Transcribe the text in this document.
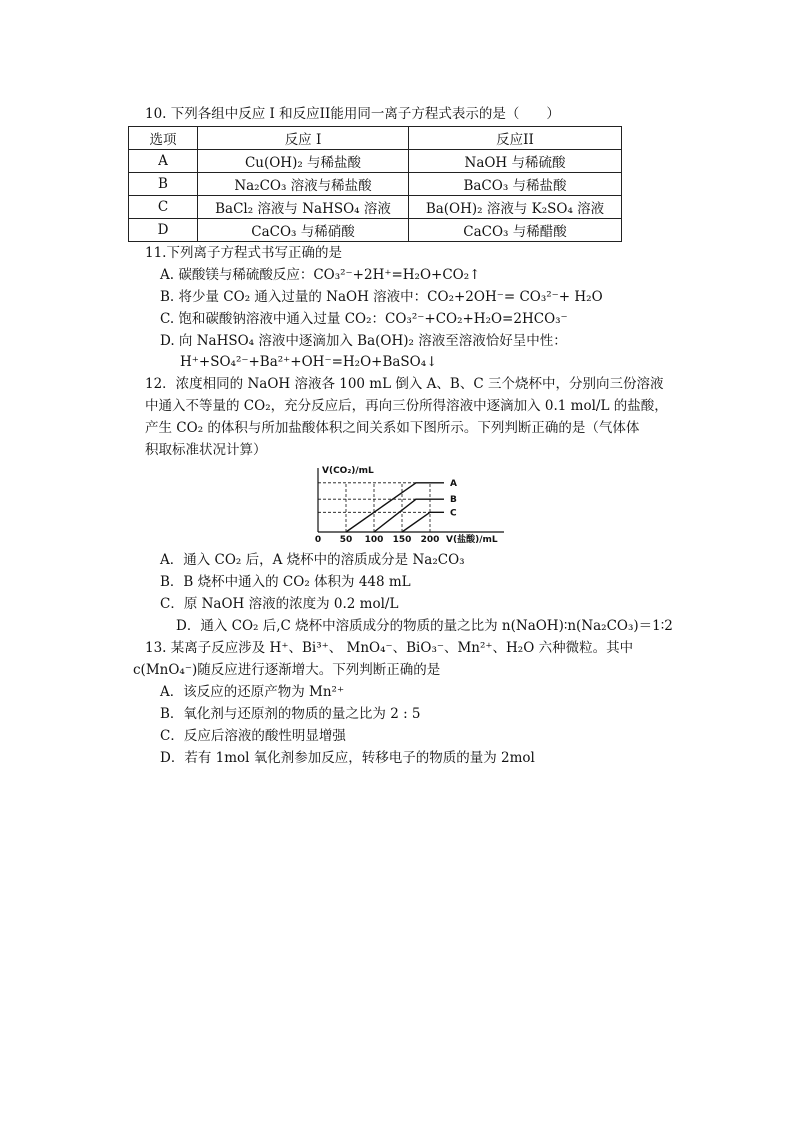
10. 下列各组中反应 I 和反应II能用同一离子方程式表示的是（　　）
选项	反应 I	反应II
A	Cu(OH)₂ 与稀盐酸	NaOH 与稀硫酸
B	Na₂CO₃ 溶液与稀盐酸	BaCO₃ 与稀盐酸
C	BaCl₂ 溶液与 NaHSO₄ 溶液	Ba(OH)₂ 溶液与 K₂SO₄ 溶液
D	CaCO₃ 与稀硝酸	CaCO₃ 与稀醋酸
11.下列离子方程式书写正确的是
A. 碳酸镁与稀硫酸反应：CO₃²⁻+2H⁺=H₂O+CO₂↑
B. 将少量 CO₂ 通入过量的 NaOH 溶液中：CO₂+2OH⁻= CO₃²⁻+ H₂O
C. 饱和碳酸钠溶液中通入过量 CO₂：CO₃²⁻+CO₂+H₂O=2HCO₃⁻
D. 向 NaHSO₄ 溶液中逐滴加入 Ba(OH)₂ 溶液至溶液恰好呈中性：
H⁺+SO₄²⁻+Ba²⁺+OH⁻=H₂O+BaSO₄↓
12．浓度相同的 NaOH 溶液各 100 mL 倒入 A、B、C 三个烧杯中，分别向三份溶液
中通入不等量的 CO₂，充分反应后，再向三份所得溶液中逐滴加入 0.1 mol/L 的盐酸，
产生 CO₂ 的体积与所加盐酸体积之间关系如下图所示。下列判断正确的是（气体体
积取标准状况计算）
V(CO₂)/mL
V(盐酸)/mL
0 50 100 150 200
A
B
C
A．通入 CO₂ 后，A 烧杯中的溶质成分是 Na₂CO₃
B．B 烧杯中通入的 CO₂ 体积为 448 mL
C．原 NaOH 溶液的浓度为 0.2 mol/L
D．通入 CO₂ 后,C 烧杯中溶质成分的物质的量之比为 n(NaOH)∶n(Na₂CO₃)＝1∶2
13. 某离子反应涉及 H⁺、Bi³⁺、 MnO₄⁻、BiO₃⁻、Mn²⁺、H₂O 六种微粒。其中
c(MnO₄⁻)随反应进行逐渐增大。下列判断正确的是
A．该反应的还原产物为 Mn²⁺
B．氧化剂与还原剂的物质的量之比为 2 : 5
C．反应后溶液的酸性明显增强
D．若有 1mol 氧化剂参加反应，转移电子的物质的量为 2mol
